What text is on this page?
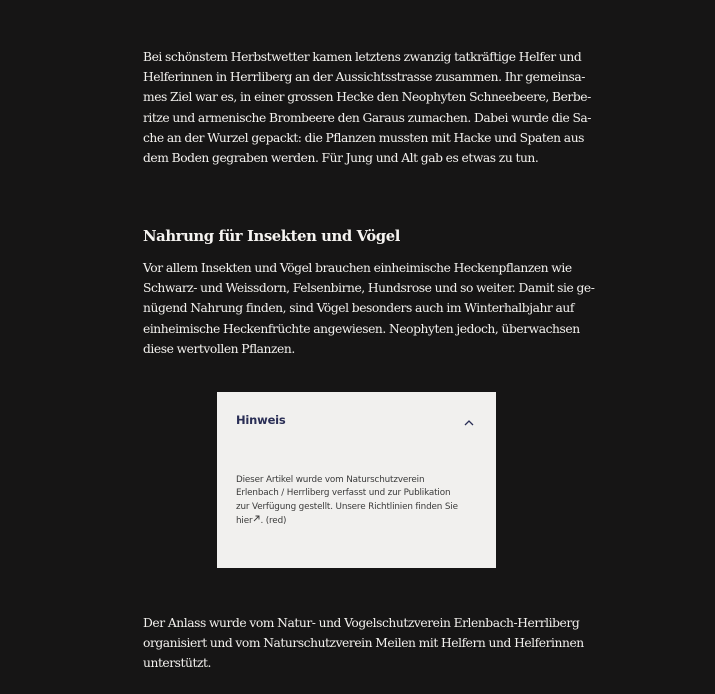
Bei schönstem Herbstwetter kamen letztens zwanzig tatkräftige Helfer und
Helferinnen in Herrliberg an der Aussichtsstrasse zusammen. Ihr gemeinsa-
mes Ziel war es, in einer grossen Hecke den Neophyten Schneebeere, Berbe-
ritze und armenische Brombeere den Garaus zumachen. Dabei wurde die Sa-
che an der Wurzel gepackt: die Pflanzen mussten mit Hacke und Spaten aus
dem Boden gegraben werden. Für Jung und Alt gab es etwas zu tun.

Nahrung für Insekten und Vögel

Vor allem Insekten und Vögel brauchen einheimische Heckenpflanzen wie
Schwarz- und Weissdorn, Felsenbirne, Hundsrose und so weiter. Damit sie ge-
nügend Nahrung finden, sind Vögel besonders auch im Winterhalbjahr auf
einheimische Heckenfrüchte angewiesen. Neophyten jedoch, überwachsen
diese wertvollen Pflanzen.

Der Anlass wurde vom Natur- und Vogelschutzverein Erlenbach-Herrliberg
organisiert und vom Naturschutzverein Meilen mit Helfern und Helferinnen
unterstützt.

Hinweis
Dieser Artikel wurde vom Naturschutzverein
Erlenbach / Herrliberg verfasst und zur Publikation
zur Verfügung gestellt. Unsere Richtlinien finden Sie
hier . (red)
